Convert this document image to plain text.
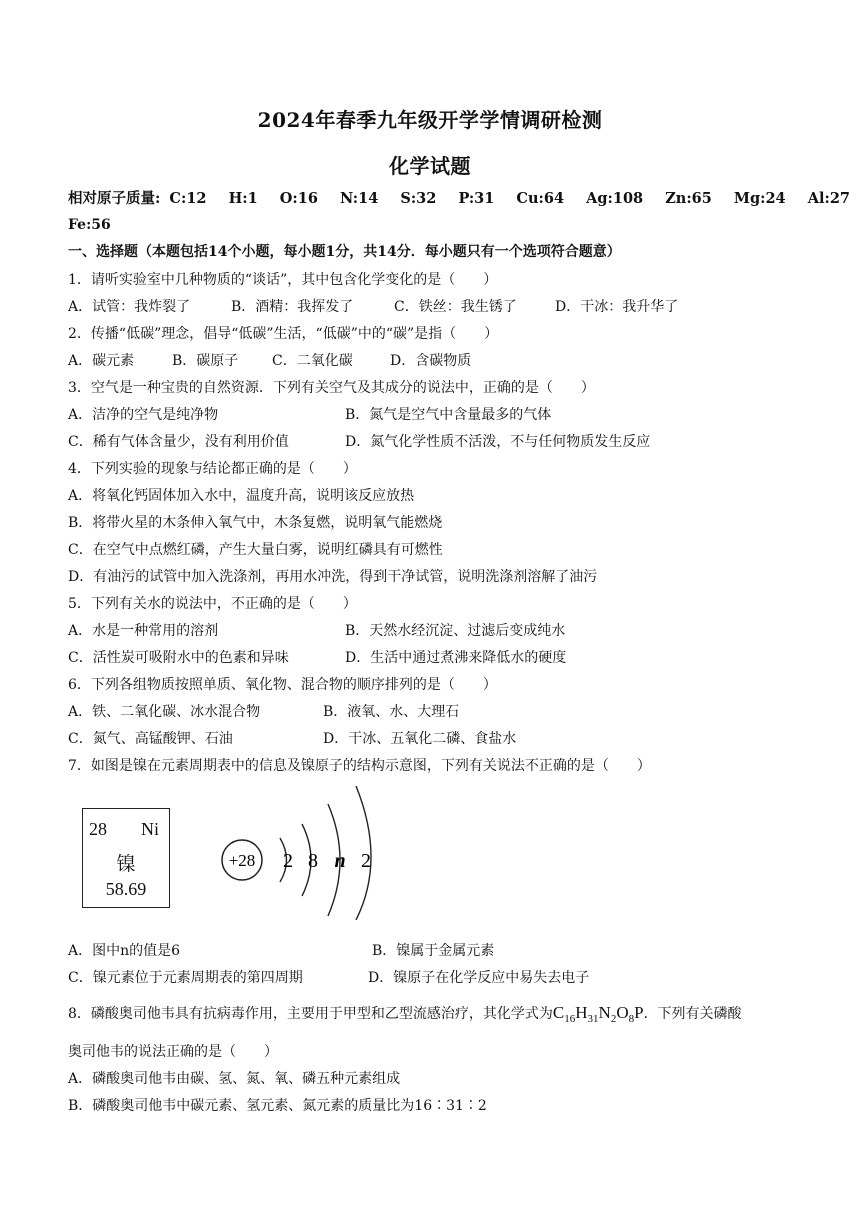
2024年春季九年级开学学情调研检测
化学试题
相对原子质量: C:12 H:1 O:16 N:14 S:32 P:31 Cu:64 Ag:108 Zn:65 Mg:24 Al:27
Fe:56
一、选择题（本题包括14个小题，每小题1分，共14分．每小题只有一个选项符合题意）
1．请听实验室中几种物质的“谈话”，其中包含化学变化的是（　　）
A．试管：我炸裂了	B．酒精：我挥发了	C．铁丝：我生锈了	D．干冰：我升华了
2．传播“低碳”理念，倡导“低碳”生活，“低碳”中的“碳”是指（　　）
A．碳元素	B．碳原子 C．二氧化碳	D．含碳物质
3．空气是一种宝贵的自然资源．下列有关空气及其成分的说法中，正确的是（　　）
A．洁净的空气是纯净物	B．氮气是空气中含量最多的气体
C．稀有气体含量少，没有利用价值	D．氮气化学性质不活泼，不与任何物质发生反应
4．下列实验的现象与结论都正确的是（　　）
A．将氧化钙固体加入水中，温度升高，说明该反应放热
B．将带火星的木条伸入氧气中，木条复燃，说明氧气能燃烧
C．在空气中点燃红磷，产生大量白雾，说明红磷具有可燃性
D．有油污的试管中加入洗涤剂，再用水冲洗，得到干净试管，说明洗涤剂溶解了油污
5．下列有关水的说法中，不正确的是（　　）
A．水是一种常用的溶剂	B．天然水经沉淀、过滤后变成纯水
C．活性炭可吸附水中的色素和异味	D．生活中通过煮沸来降低水的硬度
6．下列各组物质按照单质、氧化物、混合物的顺序排列的是（　　）
A．铁、二氧化碳、冰水混合物	B．液氧、水、大理石
C．氮气、高锰酸钾、石油	D．干冰、五氧化二磷、食盐水
7．如图是镍在元素周期表中的信息及镍原子的结构示意图，下列有关说法不正确的是（　　）
28 Ni
镍
58.69
+28 2 8 n 2
A．图中n的值是6	B．镍属于金属元素
C．镍元素位于元素周期表的第四周期	D．镍原子在化学反应中易失去电子
8．磷酸奥司他韦具有抗病毒作用，主要用于甲型和乙型流感治疗，其化学式为$C_{16}H_{31}N_2O_8P$．下列有关磷酸
奥司他韦的说法正确的是（　　）
A．磷酸奥司他韦由碳、氢、氮、氧、磷五种元素组成
B．磷酸奥司他韦中碳元素、氢元素、氮元素的质量比为16∶31∶2
